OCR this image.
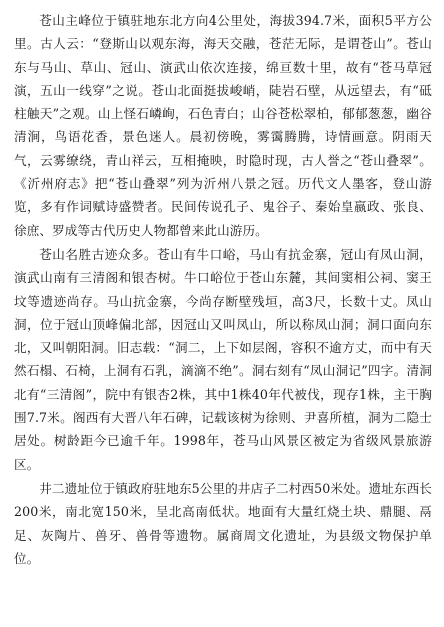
苍山主峰位于镇驻地东北方向4公里处，海拔394.7米，面积5平方公里。古人云：“登斯山以观东海，海天交融，苍茫无际，是谓苍山”。苍山东与马山、草山、冠山、演武山依次连接，绵亘数十里，故有“苍马草冠演，五山一线穿”之说。苍山北面挺拔峻峭，陡岩石壁，从远望去，有“砥柱触天”之观。山上怪石嶙峋，石色青白；山谷苍松翠柏，郁郁葱葱，幽谷清涧，鸟语花香，景色迷人。晨初傍晚，雾霭腾腾，诗情画意。阴雨天气，云雾缭绕，青山祥云，互相掩映，时隐时现，古人誉之“苍山叠翠”。《沂州府志》把“苍山叠翠”列为沂州八景之冠。历代文人墨客，登山游览，多有作词赋诗盛赞者。民间传说孔子、鬼谷子、秦始皇嬴政、张良、徐庶、罗成等古代历史人物都曾来此山游历。

苍山名胜古迹众多。苍山有牛口峪，马山有抗金寨，冠山有凤山洞，演武山南有三清阁和银杏树。牛口峪位于苍山东麓，其间窦相公祠、窦王坟等遗迹尚存。马山抗金寨，今尚存断壁残垣，高3尺，长数十丈。凤山洞，位于冠山顶峰偏北部，因冠山又叫凤山，所以称凤山洞；洞口面向东北，又叫朝阳洞。旧志载：“洞二，上下如层阁，容积不逾方丈，而中有天然石榻、石椅，上洞有石乳，滴滴不绝”。洞右刻有“凤山洞记”四字。清洞北有“三清阁”，院中有银杏2株，其中1株40年代被伐，现存1株，主干胸围7.7米。阁西有大晋八年石碑，记载该树为徐则、尹喜所植，洞为二隐士居处。树龄距今已逾千年。1998年，苍马山风景区被定为省级风景旅游区。

井二遗址位于镇政府驻地东5公里的井店子二村西50米处。遗址东西长200米，南北宽150米，呈北高南低状。地面有大量红烧土块、鼎腿、鬲足、灰陶片、兽牙、兽骨等遗物。属商周文化遗址，为县级文物保护单位。
